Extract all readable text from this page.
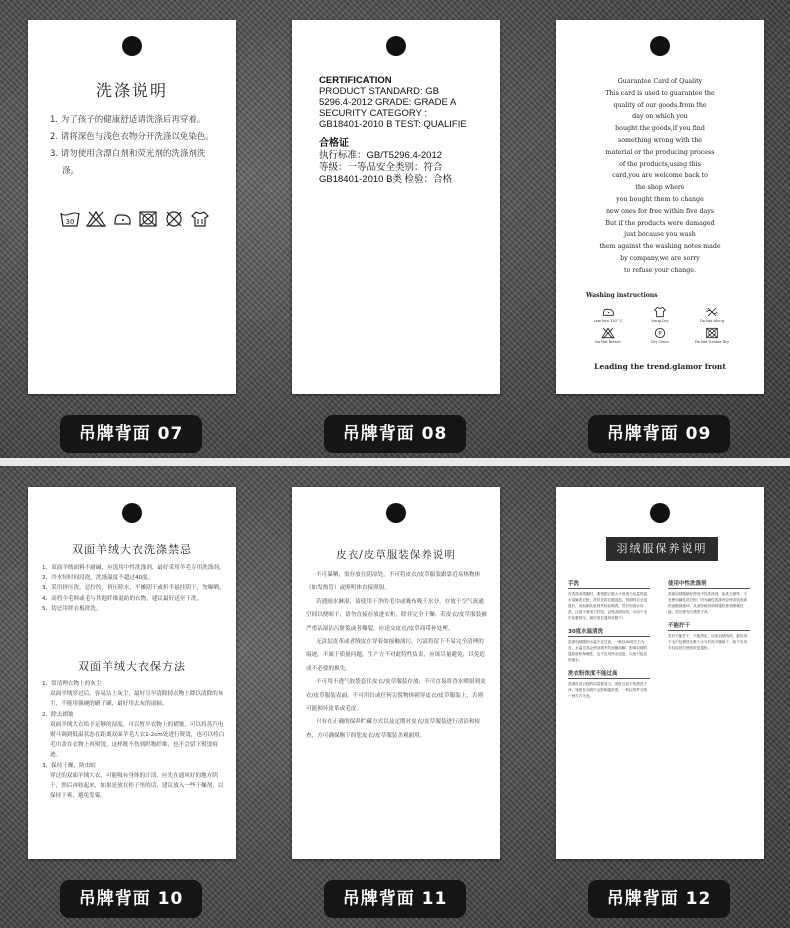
洗涤说明
1. 为了孩子的健康舒适请洗涤后再穿着。
2. 请将深色与浅色衣物分开洗涤以免染色。
3. 请勿使用含漂白剂和荧光剂的洗涤剂洗涤。
30
吊牌背面 07
CERTIFICATION
PRODUCT STANDARD: GB
5296.4-2012 GRADE: GRADE A
SECURITY CATEGORY :
GB18401-2010 B TEST: QUALIFIE
合格证
执行标准：GB/T5296.4-2012
等级：一等品安全类别：符合
GB18401-2010 B类 检验：合格
吊牌背面 08
Guarantee Card of Quality
This card is used to guarantee the
quality of our goods.from the
day on which you
bought the goods,if you find
something wrong with the
material or the producing process
of the products,using this
card,you are welcome back to
the shop where
you bought them to change
new ones for free within five days
But if the products were damaged
just because you wash
them against the washing notes made
by company,we are sorry
to refuse your change.
Washing instructions
Low Iron 110° C	Hang Dry	Do Not Wring
Do Not Bleach
P
Dry Clean	Do Not Tumble Dry
Leading the trend.glamor front
吊牌背面 09
双面羊绒大衣洗涤禁忌
1、双面羊绒面料不耐碱，应选用中性洗涤剂，最好采用羊毛专用洗涤剂。
2、冷水短时间浸泡，洗涤温度不超过40度。
3、采用挤压洗，忌拧绞，挤压除水，平摊阴干或折半悬挂阴干，勿曝晒。
4、高档全毛料或毛与其他纤维混纺的衣物，建议最好送至干洗。
5、切忌用搓衣板搓洗。
双面羊绒大衣保方法
1、常清理衣物上的灰尘
双面羊绒穿过后，容易沾上灰尘，最好尽早清除掉衣物上降以清除的灰尘，不能用强硬的刷子刷，最好用去灰的滚轴。
2、除去褶皱
双面羊绒大衣给予足够的湿度，可以暂平衣物上的褶皱，可以将蒸汽电熨斗调到低温状态在距离双面羊毛大衣1-2cm处进行熨烫，也可以将白毛巾盖在衣物上再熨烫，这样既不伤到织物纤维，也不会留下熨烫痕迹。
3、保持干燥，防虫蛀
穿过的双面羊绒大衣，可能吸有身体的汗渍，应先在通风好的地方阴干，然后再收起来，如果是放在柜子里的话，建议放入一些干燥剂，以保持干爽，避免发霉。
吊牌背面 10
皮衣/皮草服装保养说明

不可暴晒，需存放在阴凉处，不可将皮衣/皮草服装跟靠近易热物体（如发热管）或照明体直接照射。

若遇雨水淋湿，请使用干净的毛巾或吸布吸干水分，存放于空气流通空间以便晾干，请勿直接存放进衣柜，除非完全干燥：若皮衣/皮草服装被严重沾湿沾污脏裂或者爆裂，应送交皮衣/皮草商带补处理。

无涂层皮革或者绒皮在穿着如接触油污，污渍将留下不易完全清理的痕迹。不属于质量问题，生产方不对此特性负责，应该尽量避免，以免造成不必要的损失。

不可用不透气胶袋套住皮衣/皮草服装存放，不可直接将香水喷射到皮衣/皮草服装表面。不可用针或任何尖锐物体刺穿皮衣/皮草服装上，否则可能损坏皮革或毛皮。

只有在正确的保养贮藏方式以及定期对皮衣/皮草服装进行清洁和检查，方可确保衡下的您皮衣/皮草服装美观耐用。

吊牌背面 11
羽绒服保养说明
手洗
在洗涤羽绒服时，要根据衣服大小用适当倍量的温水溶解洗衣粉，洗时先将衣服浸泡，待面料完全浸透后，用软刷从里到外轻轻刷洗，然后用清水冲洗，注意不要用力拧绞，以免羽绒结块，可用干毛巾包裹挤压，最后放在通风处阴干。
30度水温清洗
洗涤羽绒服的水温不宜过高，一般以30度左右为宜，水温过高会使羽绒中的油脂溶解，影响羽绒的蓬松度和保暖性，也不宜用热水浸泡，以免引起变形缩水。
洗衣粉浓度不能过高
洗涤时洗衣粉的用量要适当，浓度过高不易漂洗干净，残留在羽绒中会影响蓬松度，一般以每件衣物一两左右为宜。
使用中性洗涤剂
洗涤羽绒服最好使用中性洗涤剂，如洗衣液等，不宜使用碱性洗衣粉，因为碱性洗涤剂会使羽绒表面的油脂被破坏，从而影响羽绒的蓬松度和保暖性能，洗后要充分漂洗干净。
不能拧干
洗后不能拧干，只能挤压，以免羽绒结块，最好用干毛巾包裹挤压吸干水分后再平摊晾干，晾干后用手轻轻拍打使其恢复蓬松。
吊牌背面 12
